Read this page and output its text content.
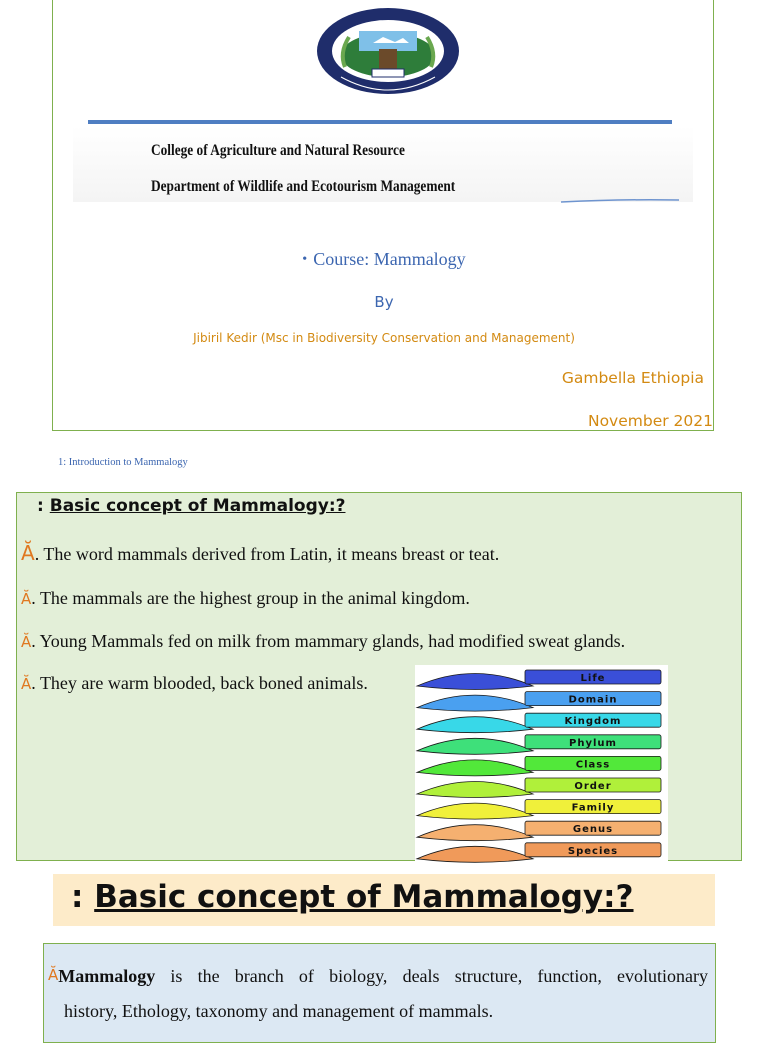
College of Agriculture and Natural Resource
Department of Wildlife and Ecotourism Management
• Course: Mammalogy
By
Jibiril Kedir (Msc in Biodiversity Conservation and Management)
Gambella Ethiopia
November 2021
1: Introduction to Mammalogy
: Basic concept of Mammalogy:?
Ă. The word mammals derived from Latin, it means breast or teat.
Ă. The mammals are the highest group in the animal kingdom.
Ă. Young Mammals fed on milk from mammary glands, had modified sweat glands.
Ă. They are warm blooded, back boned animals.	Life
Domain
Kingdom
Phylum
Class
Order
Family
Genus
Species
: Basic concept of Mammalogy:?
ĂMammalogy is the branch of biology, deals structure, function, evolutionary
history, Ethology, taxonomy and management of mammals.
